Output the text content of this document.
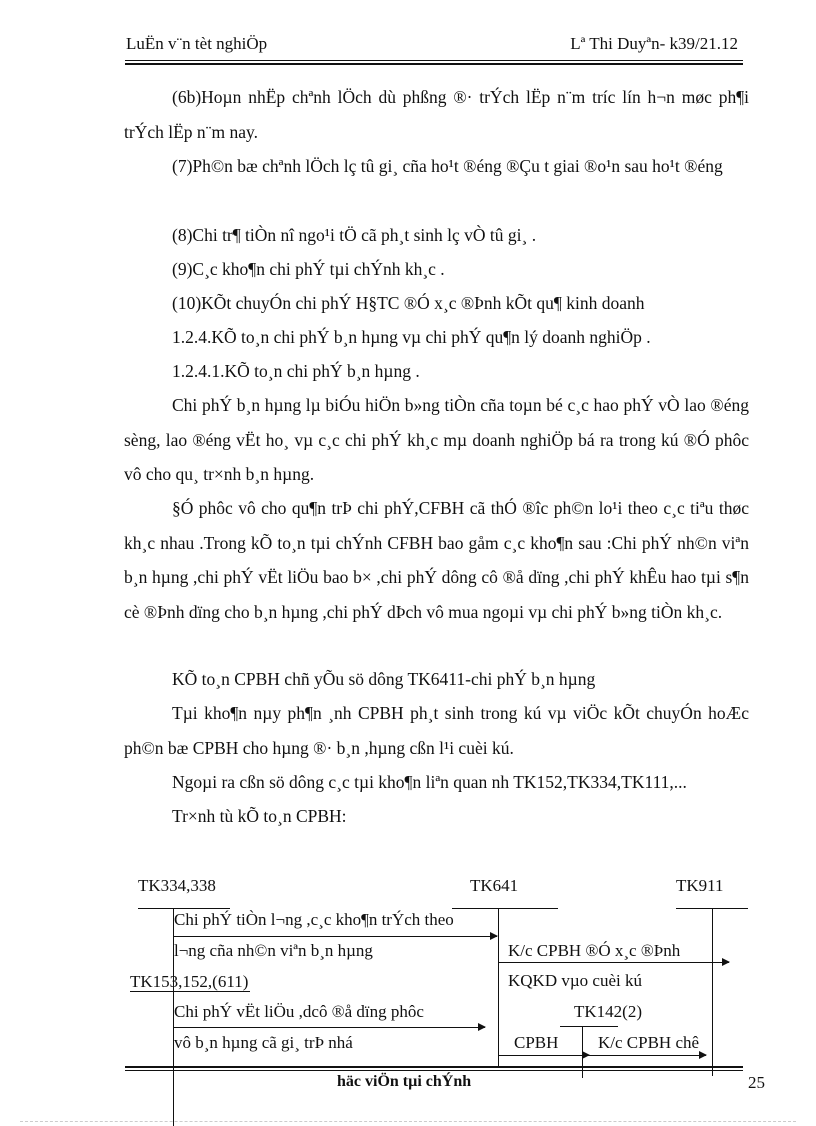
LuËn v¨n tèt nghiÖp	Lª Thi Duyªn- k39/21.12
(6b)Hoµn nhËp chªnh lÖch dù phßng ®· trÝch lËp n¨m tríc lín h¬n møc ph¶i trÝch lËp n¨m nay.
(7)Ph©n bæ chªnh lÖch lç tû gi¸ cña ho¹t ®éng ®Çu t giai ®o¹n sau ho¹t ®éng
(8)Chi tr¶ tiÒn nî ngo¹i tÖ cã ph¸t sinh lç vÒ tû gi¸ .
(9)C¸c kho¶n chi phÝ tµi chÝnh kh¸c .
(10)KÕt chuyÓn chi phÝ H§TC ®Ó x¸c ®Þnh kÕt qu¶ kinh doanh
1.2.4.KÕ to¸n chi phÝ b¸n hµng vµ chi phÝ qu¶n lý doanh nghiÖp .
1.2.4.1.KÕ to¸n chi phÝ b¸n hµng .
Chi phÝ b¸n hµng lµ biÓu hiÖn b»ng tiÒn cña toµn bé c¸c hao phÝ vÒ lao ®éng sèng, lao ®éng vËt ho¸ vµ c¸c chi phÝ kh¸c mµ doanh nghiÖp bá ra trong kú ®Ó phôc vô cho qu¸ tr×nh b¸n hµng.
§Ó phôc vô cho qu¶n trÞ chi phÝ,CFBH cã thÓ ®îc ph©n lo¹i theo c¸c tiªu thøc kh¸c nhau .Trong kÕ to¸n tµi chÝnh CFBH bao gåm c¸c kho¶n sau :Chi phÝ nh©n viªn b¸n hµng ,chi phÝ vËt liÖu bao b× ,chi phÝ dông cô ®å dïng ,chi phÝ khÊu hao tµi s¶n cè ®Þnh dïng cho b¸n hµng ,chi phÝ dÞch vô mua ngoµi vµ chi phÝ b»ng tiÒn kh¸c.
KÕ to¸n CPBH chñ yÕu sö dông TK6411-chi phÝ b¸n hµng
Tµi kho¶n nµy ph¶n ¸nh CPBH ph¸t sinh trong kú vµ viÖc kÕt chuyÓn hoÆc ph©n bæ CPBH cho hµng ®· b¸n ,hµng cßn l¹i cuèi kú.
Ngoµi ra cßn sö dông c¸c tµi kho¶n liªn quan nh TK152,TK334,TK111,...
Tr×nh tù kÕ to¸n CPBH:
TK334,338	TK641	TK911
Chi phÝ tiÒn l¬ng ,c¸c kho¶n trÝch theo
l¬ng cña nh©n viªn b¸n hµng	K/c CPBH ®Ó x¸c ®Þnh
KQKD vµo cuèi kú
TK153,152,(611)
Chi phÝ vËt liÖu ,dcô ®å dïng phôc	TK142(2)
vô b¸n hµng cã gi¸ trÞ nhá	CPBH K/c CPBH chê
häc viÖn tµi chÝnh	25
